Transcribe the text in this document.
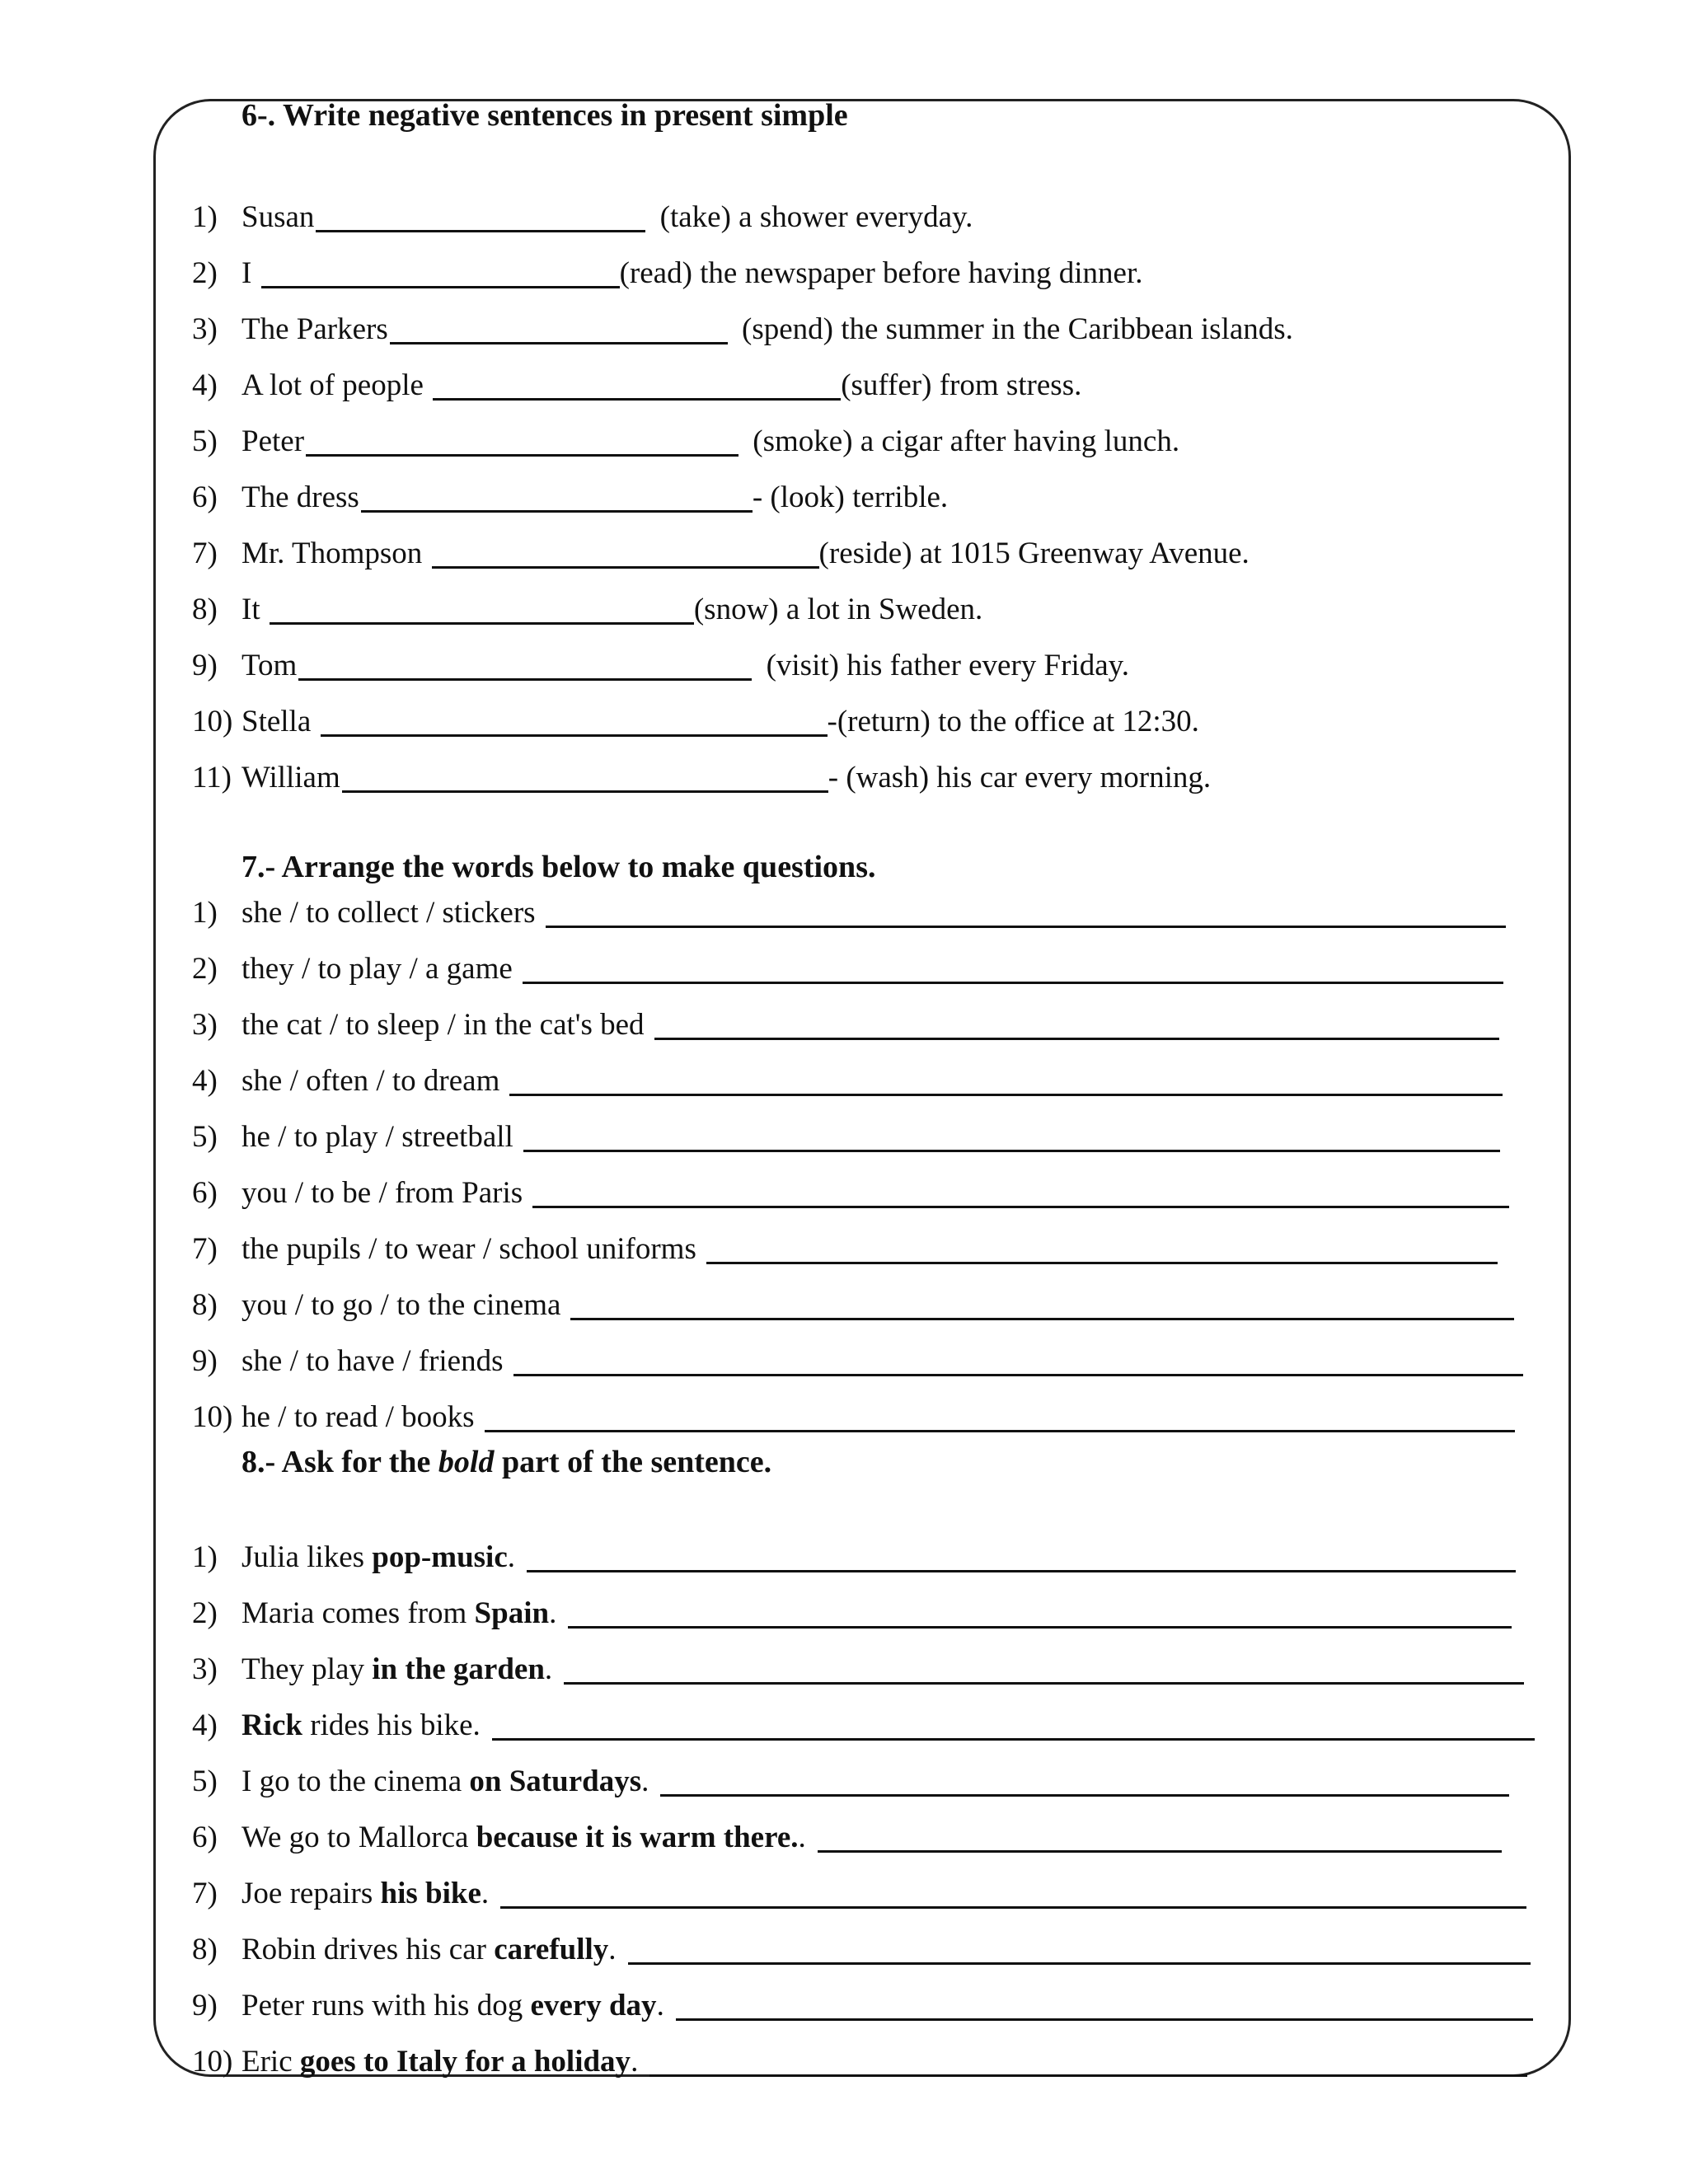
6-. Write negative sentences in present simple
1) Susan	(take) a shower everyday.
2) I	(read) the newspaper before having dinner.
3) The Parkers	(spend) the summer in the Caribbean islands.
4) A lot of people	(suffer) from stress.
5) Peter	(smoke) a cigar after having lunch.
6) The dress	- (look) terrible.
7) Mr. Thompson	(reside) at 1015 Greenway Avenue.
8) It	(snow) a lot in Sweden.
9) Tom	(visit) his father every Friday.
10) Stella	-(return) to the office at 12:30.
11) William	- (wash) his car every morning.
7.- Arrange the words below to make questions.
1) she / to collect / stickers
2) they / to play / a game
3) the cat / to sleep / in the cat's bed
4) she / often / to dream
5) he / to play / streetball
6) you / to be / from Paris
7) the pupils / to wear / school uniforms
8) you / to go / to the cinema
9) she / to have / friends
10) he / to read / books
8.- Ask for the bold part of the sentence.
1) Julia likes pop-music .
2) Maria comes from Spain .
3) They play in the garden .
4) Rick rides his bike.
5) I go to the cinema on Saturdays .
6) We go to Mallorca because it is warm there. .
7) Joe repairs his bike .
8) Robin drives his car carefully .
9) Peter runs with his dog every day .
10) Eric goes to Italy for a holiday .
